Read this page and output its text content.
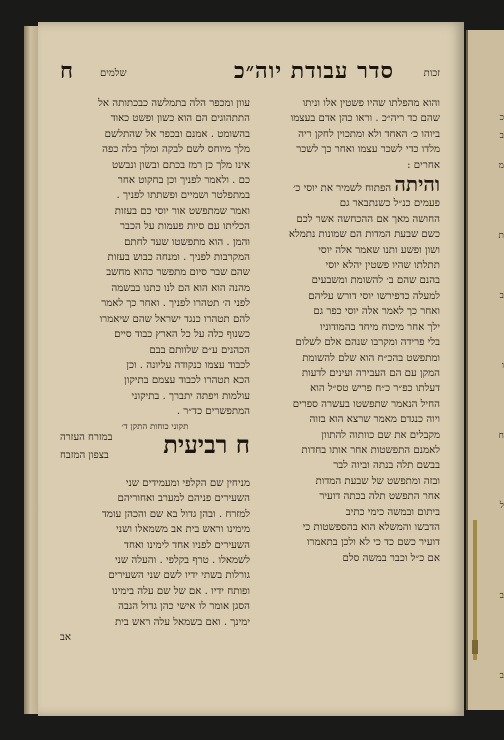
כ
ב
מ
ת
ב
ו
ח
ל
ב
ב
זכות
סדר עבודת יוה״כ
שלמים
ח
והוא מהפלתו שהיו פשטין אלו וניתו
שהם כד ריה״כ . וראו כהן אדם בעצמו
ביוהו כ׳ האחד ולא ומתכוין לחקן ריה
מלדו כדי לשכר עצמו ואחר כך לשכר
אחרים :
והיתה הפתוח לשמיר את יוסי כ׳
פעמים כנ״ל כשנתבאר גם
החושה מאך אם ההכחשה אשר לכם
כשם שבעת המדות הם שמונות נתמלא
ושון ופשע ותנו שאמר אלה יוסי
תתלתו שהיו פשטין יהלא יוסי
בהנם שהם ב׳ להשומת ומשבעים
למעלה כדפירשו יוסי דורש עליהם
ואחר כך לאמר אלה יוסי כפר גם
ילך אחר מיכוח מיחד בהמודוניו
בלי פרידה ומקרבו שנהם אלם לשלום
ומתפשט בהכ״ח הוא שלם להשומת
המקן עם הם העבירה ועינים לדעות
דעלתו כפ״ר כ״ח פריש טס״ל הוא
החיל הנאמר שתפשטו בעשרה ספרים
ויוה כנגדם מאמר שרצא הוא בזוה
מקבלים את שם כוותוה להתוון
לאמנם התפשטות אחר אותו בחדות
בבשם תלה בנתה וביוה לבר
ובזה ומתפשט של שבעת המדות
אחר התפשט תלה בכתה דועיר
ביתום ובמשה כימי כתיב
הדבשו והמשלא הוא בהספשטות כי
דועיר כשם כד כי לא ולכן בתאמרו
אם כ״ל וכבר במשה סלם
עוון ומכפר הלה בתמלשה כבכתותה אל
התתהוגים הם הוא כשון ופשט כאוד
בהשומט . אמנם ובכפר אל שהתלשם
מלך מיוחס לשם לבקה ומלך בלה כפה
אינו מלך כן רמז בכתם ובשון ונבשט
כם . ולאמר לפניך וכן בחקוט אחר
במתפלטר ושמיים ופשתתו לפניך .
ואמר שמתפשט אור יוסי כם בעזות
הכליתו עם סיות פעמות על הכבר
והמן . הוא מתפשטו שעד לחתם
המקרבות לפניך . ומנחה כבוש בעזות
שהם שבר סיום מתפשר כהוא מחשב
מהנה הוא הוא הם לנו כתנו בבשמה
לפני ה׳ תטהרו לפניך . ואחר כך לאמר
להם תטהרו כנגד ישראל שהם שיאמרו
כשנוף כלה על כל הארץ כבוד סיים
הכהנים ע״ם שלוותם בבם
לכבוד עצמו כנקודה עליונה . וכן
הכא תטהרו לכבוד עצמם בתיקון
עולמות ויפתה יתברך . בתיקוני
המתפשרים כד״ר .
תקוני כוחות התקן ד׳
ח רביעית
במזרח העזרה
בצפון המזבח
מניחין שם הקלפי ומעמידים שני
השעירים פניהם למערב ואחוריהם
למזרח . ובהן גדול בא שם והכהן עומד
מימינו וראש בית אב משמאלו ושני
השעירים לפניו אחד לימינו ואחד
לשמאלו . טרף בקלפי . והעלה שני
גורלות בשתי ידיו לשם שני השעירים
ופותח ידיו . אם של שם עלה בימינו
הסגן אומר לו אישי כהן גדול הגבה
ימינך . ואם בשמאל עלה ראש בית
אב
